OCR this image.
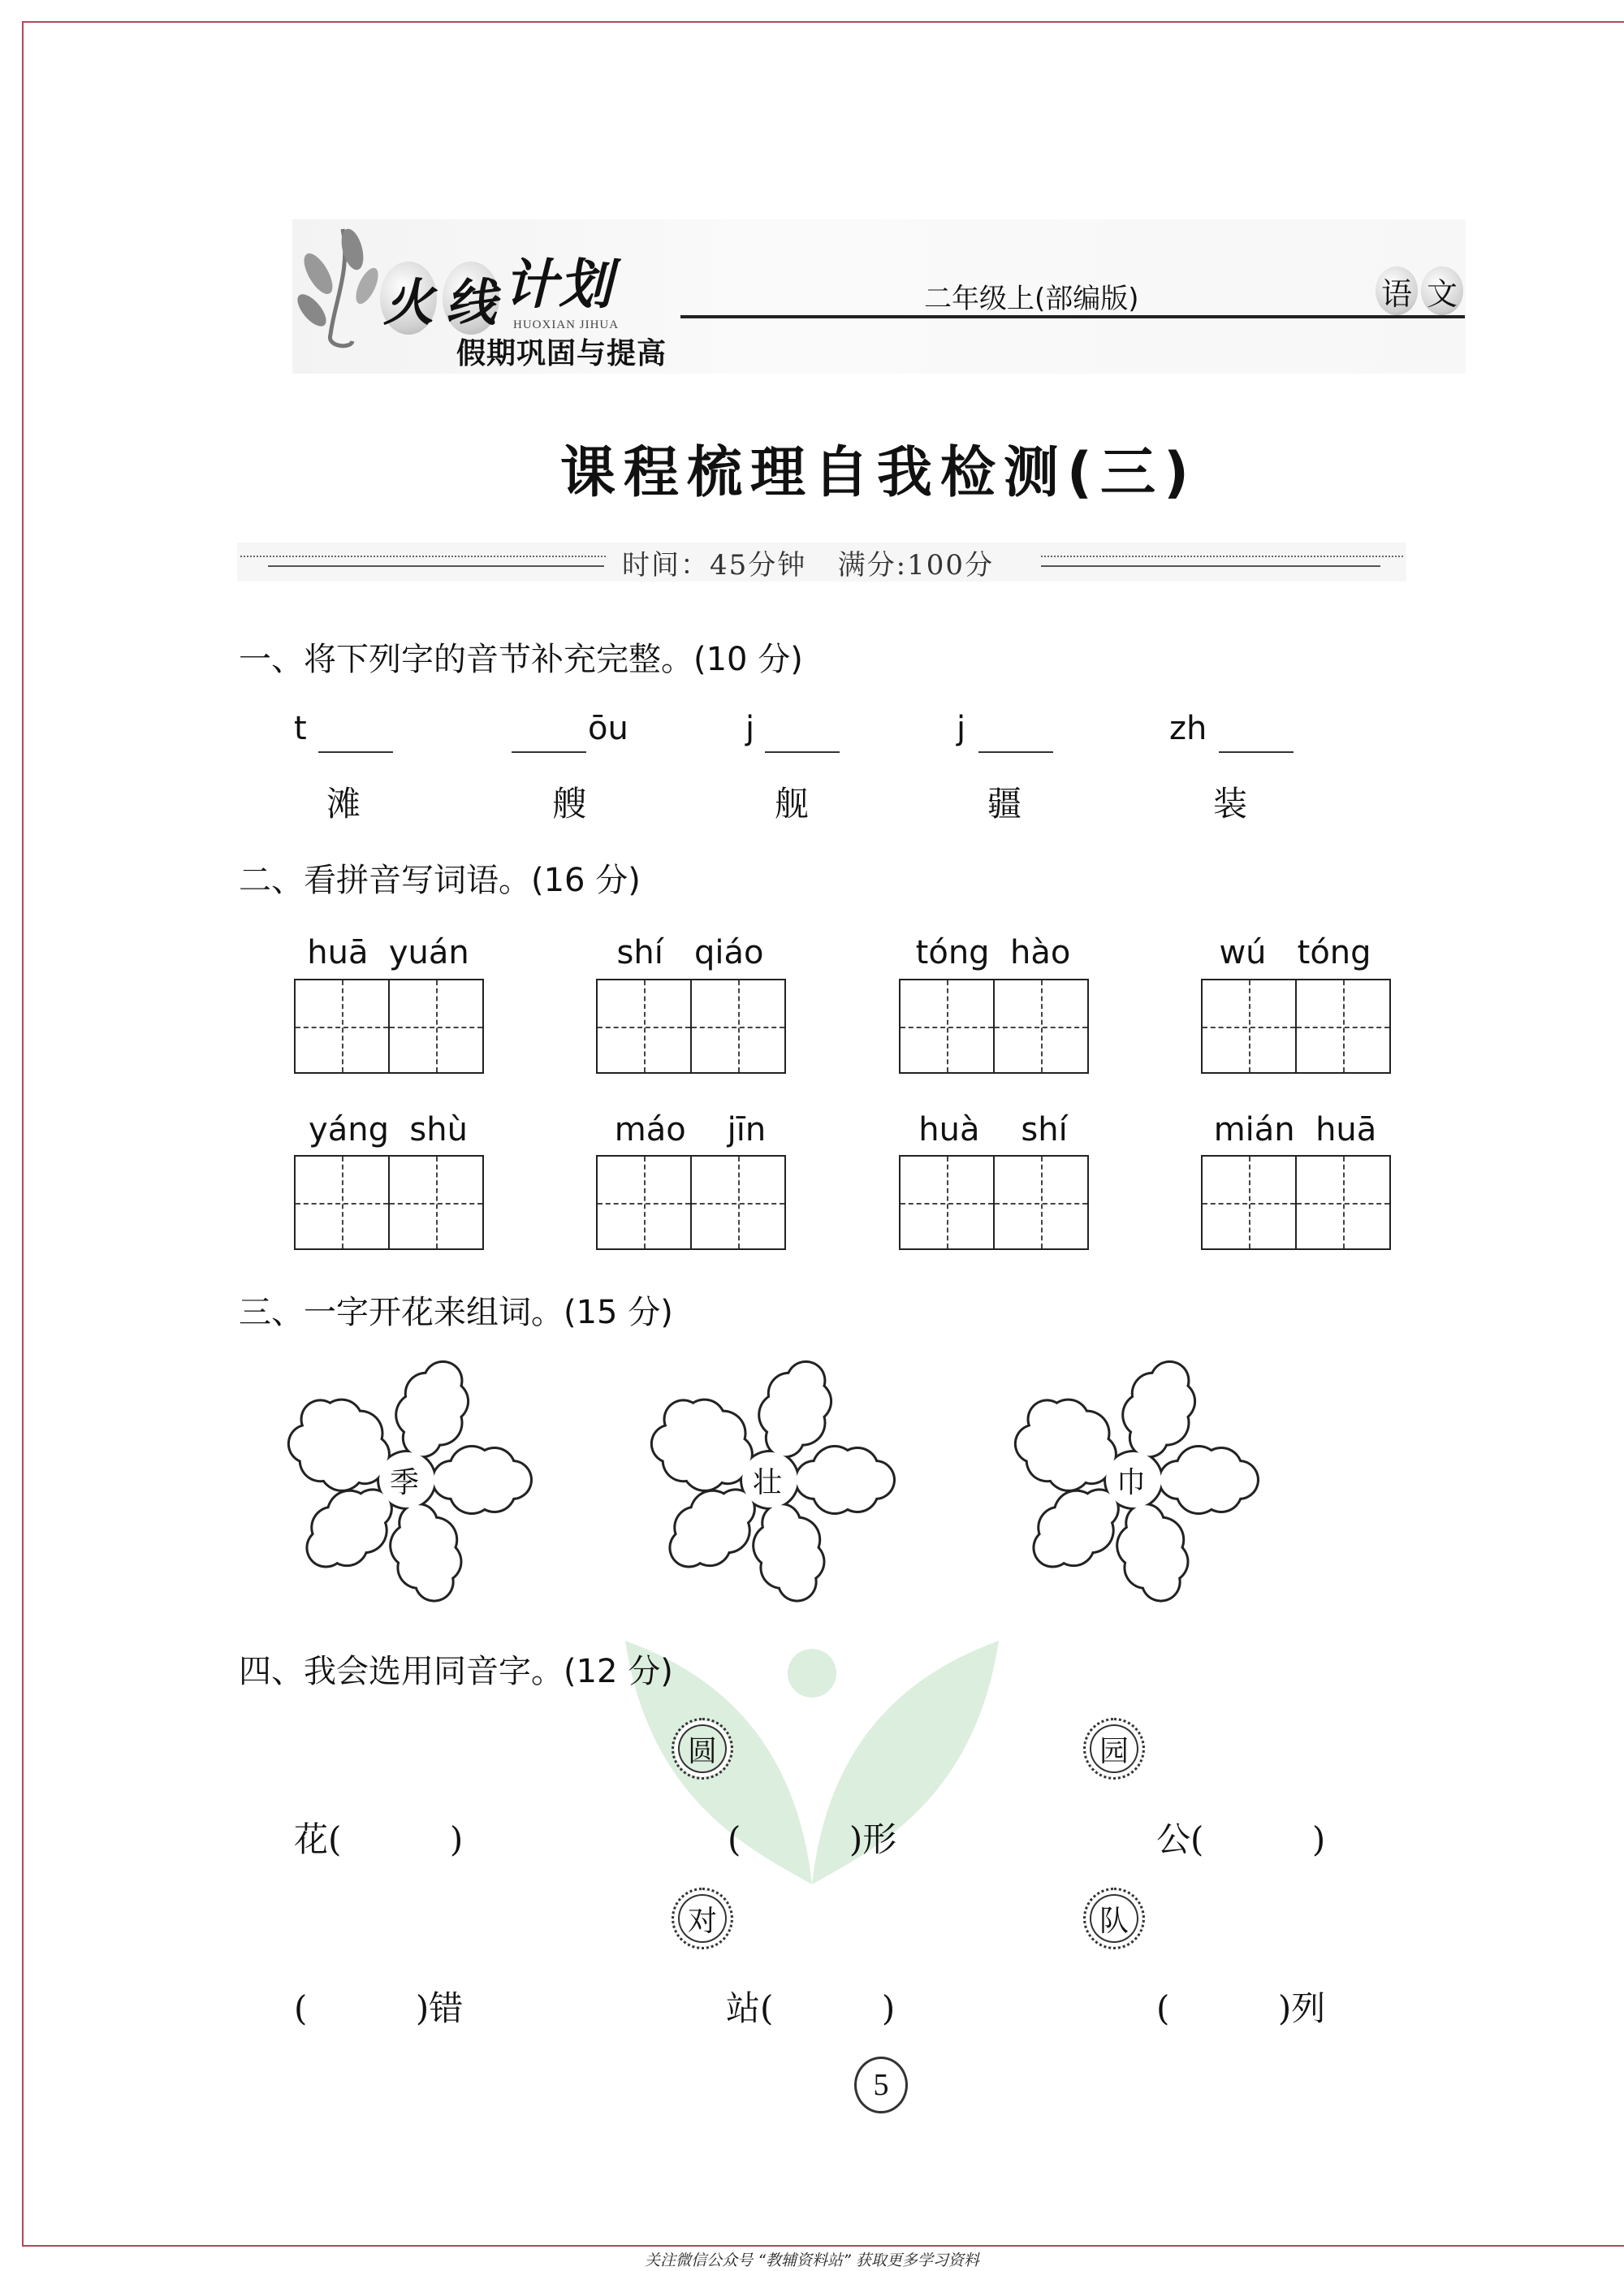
火 线 计划
HUOXIAN JIHUA
假期巩固与提高
二年级上(部编版)	语 文
课程梳理自我检测(三)
时间：45分钟   满分:100分
一、将下列字的音节补充完整。(10 分)
t	ōu	j	j	zh
滩	艘	舰	疆	装
二、看拼音写词语。(16 分)
huā  yuán	shí   qiáo	tóng  hào	wú   tóng
yáng  shù	máo    jīn	huà    shí	mián  huā
三、一字开花来组词。(15 分)
季	壮	巾
四、我会选用同音字。(12 分)
圆	园
对	队
花(          )	(          )形	公(          )
(          )错	站(          )	(          )列
5
关注微信公众号 “教辅资料站” 获取更多学习资料
